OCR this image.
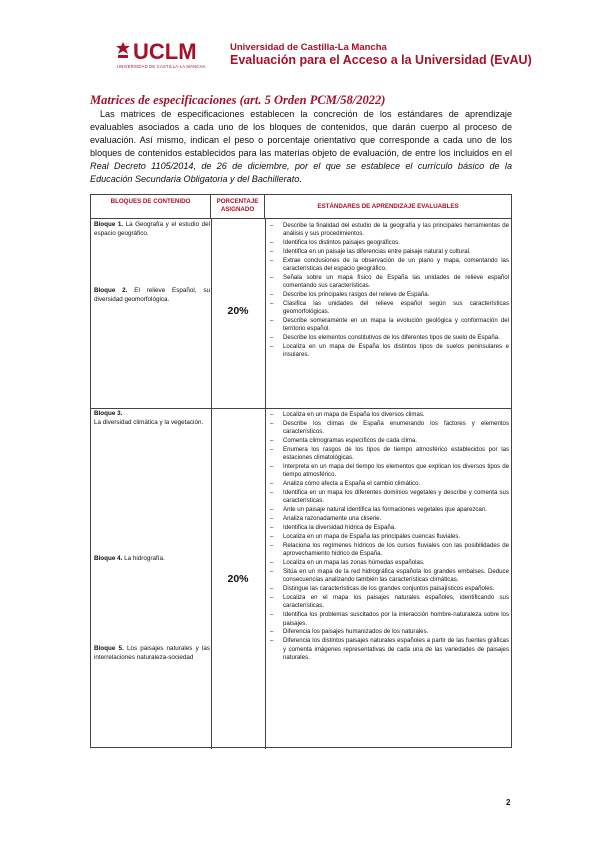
UCLM
UNIVERSIDAD DE CASTILLA-LA MANCHA
Universidad de Castilla-La Mancha
Evaluación para el Acceso a la Universidad (EvAU)
Matrices de especificaciones (art. 5 Orden PCM/58/2022)

Las matrices de especificaciones establecen la concreción de los estándares de aprendizaje evaluables asociados a cada uno de los bloques de contenidos, que darán cuerpo al proceso de evaluación. Así mismo, indican el peso o porcentaje orientativo que corresponde a cada uno de los bloques de contenidos establecidos para las materias objeto de evaluación, de entre los incluidos en el Real Decreto 1105/2014, de 26 de diciembre, por el que se establece el currículo básico de la Educación Secundaria Obligatoria y del Bachillerato.

BLOQUES DE CONTENIDO	PORCENTAJE ASIGNADO	ESTÁNDARES DE APRENDIZAJE EVALUABLES
Bloque 1. La Geografía y el estudio del espacio geográfico.
Bloque 2. El relieve Español, su diversidad geomorfológica.
20%
– Describe la finalidad del estudio de la geografía y las principales herramientas de análisis y sus procedimientos.
– Identifica los distintos paisajes geográficos.
– Identifica en un paisaje las diferencias entre paisaje natural y cultural.
– Extrae conclusiones de la observación de un plano y mapa, comentando las características del espacio geográfico.
– Señala sobre un mapa físico de España las unidades de relieve español comentando sus características.
– Describe los principales rasgos del relieve de España.
– Clasifica las unidades del relieve español según sus características geomorfológicas.
– Describe someramente en un mapa la evolución geológica y conformación del territorio español.
– Describe los elementos constitutivos de los diferentes tipos de suelo de España.
– Localiza en un mapa de España los distintos tipos de suelos peninsulares e insulares.
Bloque 3.
La diversidad climática y la vegetación.
Bloque 4. La hidrografía.
Bloque 5. Los paisajes naturales y las interrelaciones naturaleza-sociedad
20%
– Localiza en un mapa de España los diversos climas.
– Describe los climas de España enumerando los factores y elementos característicos.
– Comenta climogramas específicos de cada clima.
– Enumera los rasgos de los tipos de tiempo atmosférico establecidos por las estaciones climatológicas.
– Interpreta en un mapa del tiempo los elementos que explican los diversos tipos de tiempo atmosférico.
– Analiza cómo afecta a España el cambio climático.
– Identifica en un mapa los diferentes dominios vegetales y describe y comenta sus características.
– Ante un paisaje natural identifica las formaciones vegetales que aparezcan.
– Analiza razonadamente una cliserie.
– Identifica la diversidad hídrica de España.
– Localiza en un mapa de España las principales cuencas fluviales.
– Relaciona los regímenes hídricos de los cursos fluviales con las posibilidades de aprovechamiento hídrico de España.
– Localiza en un mapa las zonas húmedas españolas.
– Sitúa en un mapa de la red hidrográfica española los grandes embalses. Deduce consecuencias analizando también las características climáticas.
– Distingue las características de los grandes conjuntos paisajísticos españoles.
– Localiza en el mapa los paisajes naturales españoles, identificando sus características.
– Identifica los problemas suscitados por la interacción hombre-naturaleza sobre los paisajes.
– Diferencia los paisajes humanizados de los naturales.
– Diferencia los distintos paisajes naturales españoles a partir de las fuentes gráficas y comenta imágenes representativas de cada una de las variedades de paisajes naturales.
2
